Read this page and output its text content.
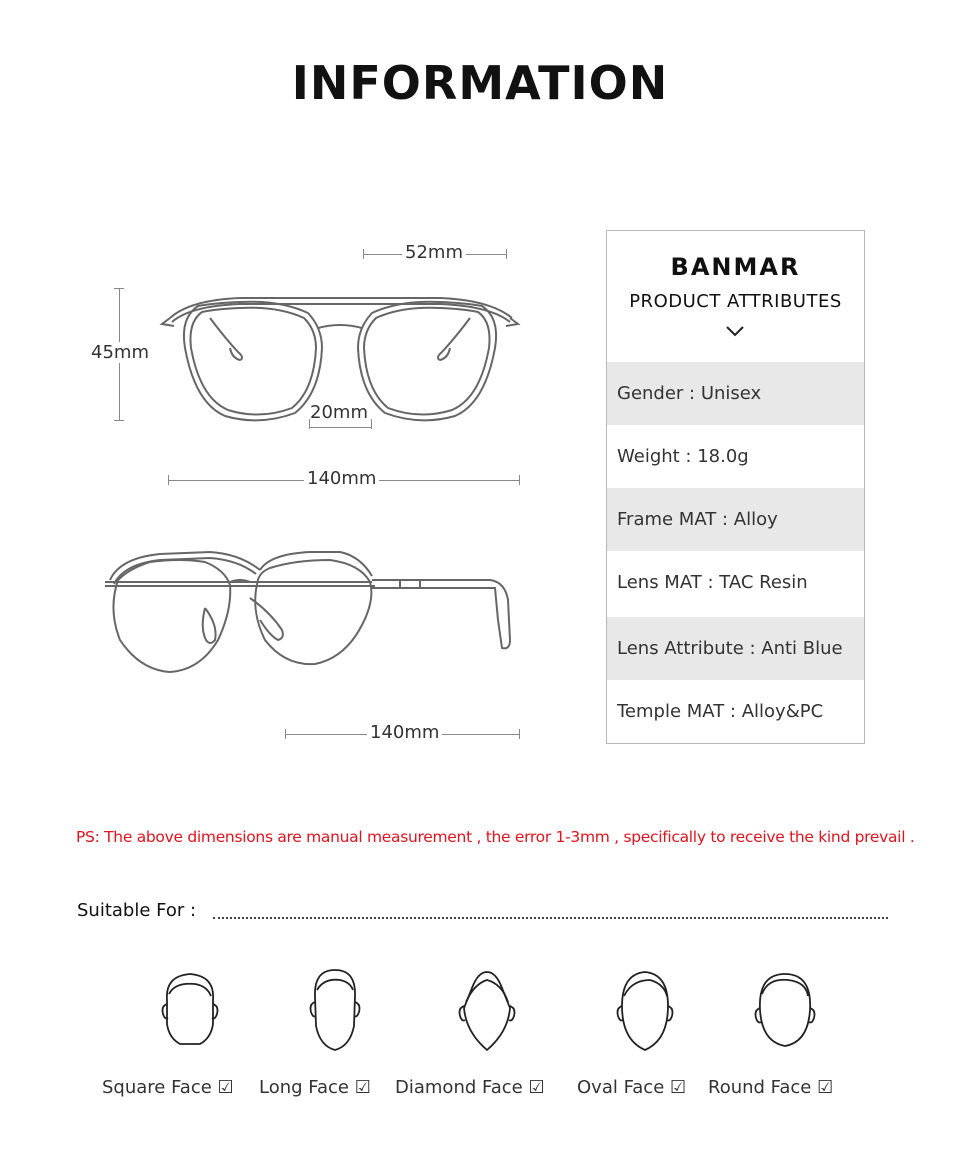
INFORMATION
52mm
45mm
20mm
140mm
140mm
BANMAR
PRODUCT ATTRIBUTES
Gender : Unisex
Weight : 18.0g
Frame MAT : Alloy
Lens MAT : TAC Resin
Lens Attribute : Anti Blue
Temple MAT : Alloy&PC
PS: The above dimensions are manual measurement , the error 1-3mm , specifically to receive the kind prevail .
Suitable For :
Square Face ☑ Long Face ☑ Diamond Face ☑ Oval Face ☑ Round Face ☑
